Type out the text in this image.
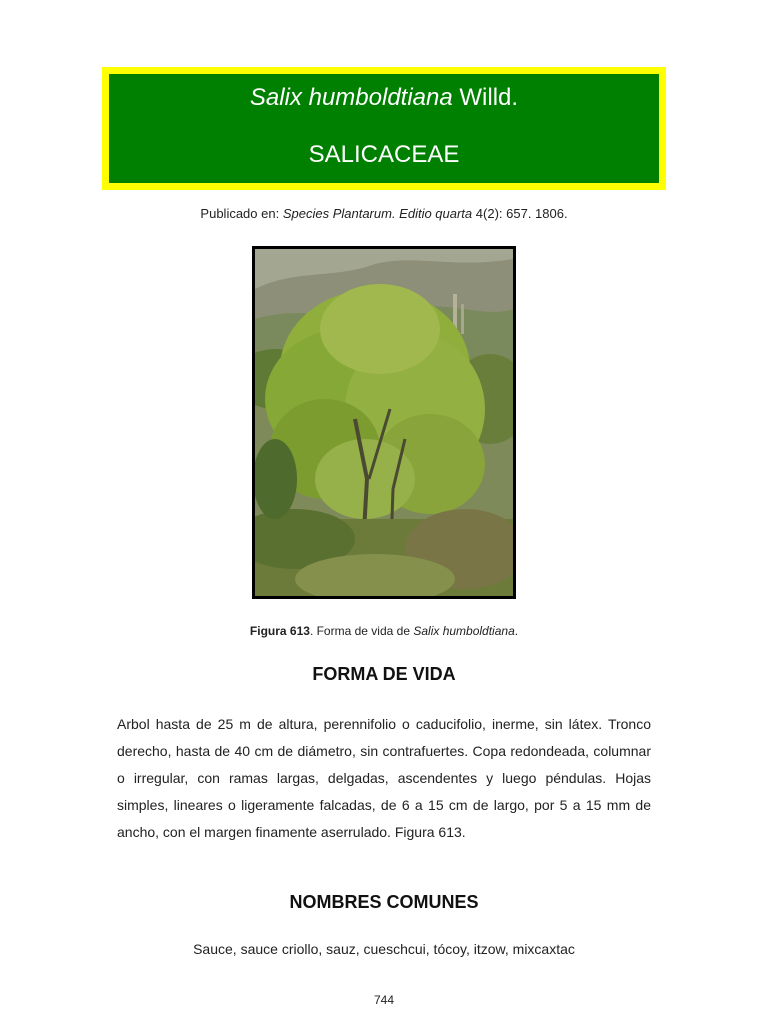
Salix humboldtiana Willd.
SALICACEAE
Publicado en: Species Plantarum. Editio quarta 4(2): 657. 1806.
Figura 613. Forma de vida de Salix humboldtiana.
FORMA DE VIDA
Arbol hasta de 25 m de altura, perennifolio o caducifolio, inerme, sin látex. Tronco derecho, hasta de 40 cm de diámetro, sin contrafuertes. Copa redondeada, columnar o irregular, con ramas largas, delgadas, ascendentes y luego péndulas. Hojas simples, lineares o ligeramente falcadas, de 6 a 15 cm de largo, por 5 a 15 mm de ancho, con el margen finamente aserrulado. Figura 613.
NOMBRES COMUNES
Sauce, sauce criollo, sauz, cueschcui, tócoy, itzow, mixcaxtac
744
